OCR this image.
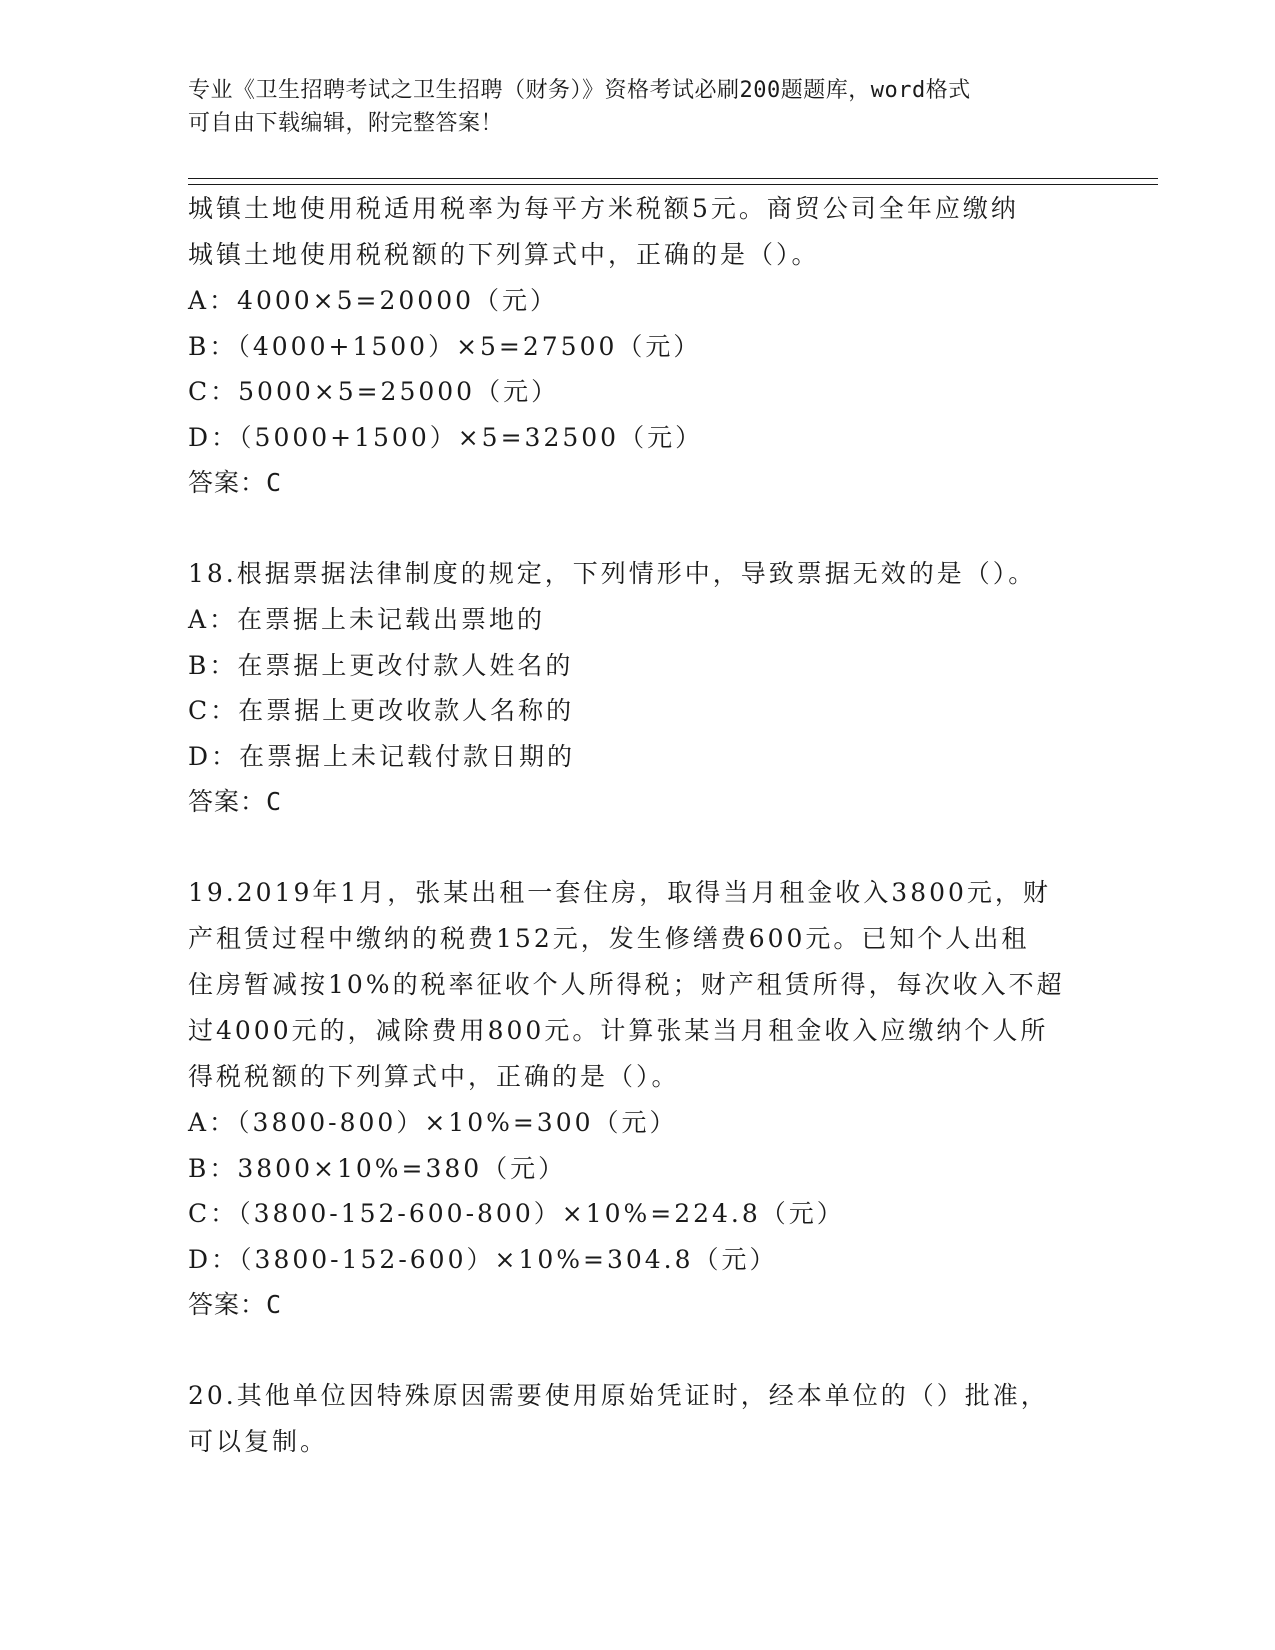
专业《卫生招聘考试之卫生招聘（财务）》资格考试必刷200题题库，word格式
可自由下载编辑，附完整答案！
城镇土地使用税适用税率为每平方米税额5元。商贸公司全年应缴纳
城镇土地使用税税额的下列算式中，正确的是（）。
A：4000×5=20000（元）
B：（4000+1500）×5=27500（元）
C：5000×5=25000（元）
D：（5000+1500）×5=32500（元）
答案：C
18.根据票据法律制度的规定，下列情形中，导致票据无效的是（）。
A：在票据上未记载出票地的
B：在票据上更改付款人姓名的
C：在票据上更改收款人名称的
D：在票据上未记载付款日期的
答案：C
19.2019年1月，张某出租一套住房，取得当月租金收入3800元，财
产租赁过程中缴纳的税费152元，发生修缮费600元。已知个人出租
住房暂减按10%的税率征收个人所得税；财产租赁所得，每次收入不超
过4000元的，减除费用800元。计算张某当月租金收入应缴纳个人所
得税税额的下列算式中，正确的是（）。
A：（3800-800）×10%=300（元）
B：3800×10%=380（元）
C：（3800-152-600-800）×10%=224.8（元）
D：（3800-152-600）×10%=304.8（元）
答案：C
20.其他单位因特殊原因需要使用原始凭证时，经本单位的（）批准，
可以复制。
